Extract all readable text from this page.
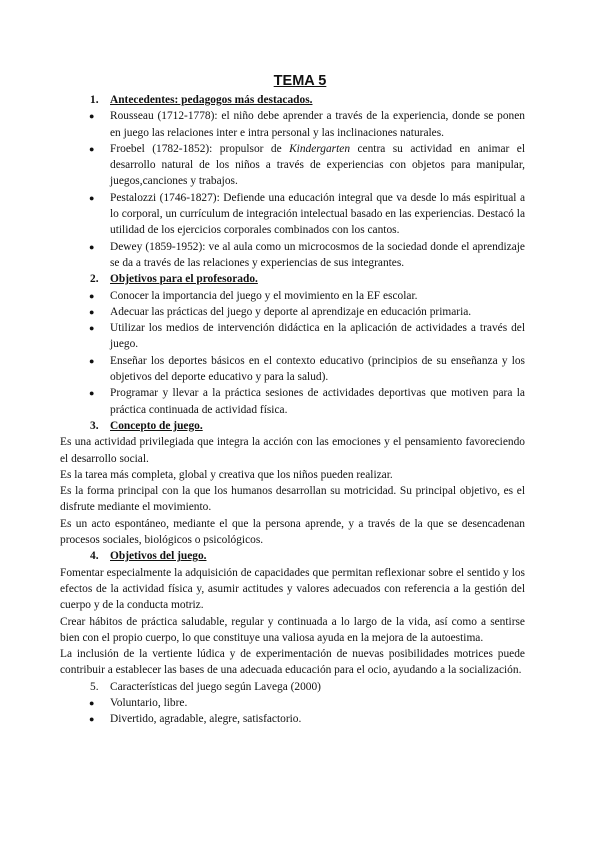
TEMA 5
1.	Antecedentes: pedagogos más destacados.
● Rousseau (1712-1778): el niño debe aprender a través de la experiencia, donde se ponen en juego las relaciones inter e intra personal y las inclinaciones naturales.
● Froebel (1782-1852): propulsor de Kindergarten centra su actividad en animar el desarrollo natural de los niños a través de experiencias con objetos para manipular, juegos,canciones y trabajos.
● Pestalozzi (1746-1827): Defiende una educación integral que va desde lo más espiritual a lo corporal, un currículum de integración intelectual basado en las experiencias. Destacó la utilidad de los ejercicios corporales combinados con los cantos.
● Dewey (1859-1952): ve al aula como un microcosmos de la sociedad donde el aprendizaje se da a través de las relaciones y experiencias de sus integrantes.
2.	Objetivos para el profesorado.
● Conocer la importancia del juego y el movimiento en la EF escolar.
● Adecuar las prácticas del juego y deporte al aprendizaje en educación primaria.
● Utilizar los medios de intervención didáctica en la aplicación de actividades a través del juego.
● Enseñar los deportes básicos en el contexto educativo (principios de su enseñanza y los objetivos del deporte educativo y para la salud).
● Programar y llevar a la práctica sesiones de actividades deportivas que motiven para la práctica continuada de actividad física.
3.	Concepto de juego.

Es una actividad privilegiada que integra la acción con las emociones y el pensamiento favoreciendo el desarrollo social.

Es la tarea más completa, global y creativa que los niños pueden realizar.

Es la forma principal con la que los humanos desarrollan su motricidad. Su principal objetivo, es el disfrute mediante el movimiento.

Es un acto espontáneo, mediante el que la persona aprende, y a través de la que se desencadenan procesos sociales, biológicos o psicológicos.

4.	Objetivos del juego.

Fomentar especialmente la adquisición de capacidades que permitan reflexionar sobre el sentido y los efectos de la actividad física y, asumir actitudes y valores adecuados con referencia a la gestión del cuerpo y de la conducta motriz.

Crear hábitos de práctica saludable, regular y continuada a lo largo de la vida, así como a sentirse bien con el propio cuerpo, lo que constituye una valiosa ayuda en la mejora de la autoestima.

La inclusión de la vertiente lúdica y de experimentación de nuevas posibilidades motrices puede contribuir a establecer las bases de una adecuada educación para el ocio, ayudando a la socialización.

5.	Características del juego según Lavega (2000)
● Voluntario, libre.
● Divertido, agradable, alegre, satisfactorio.
